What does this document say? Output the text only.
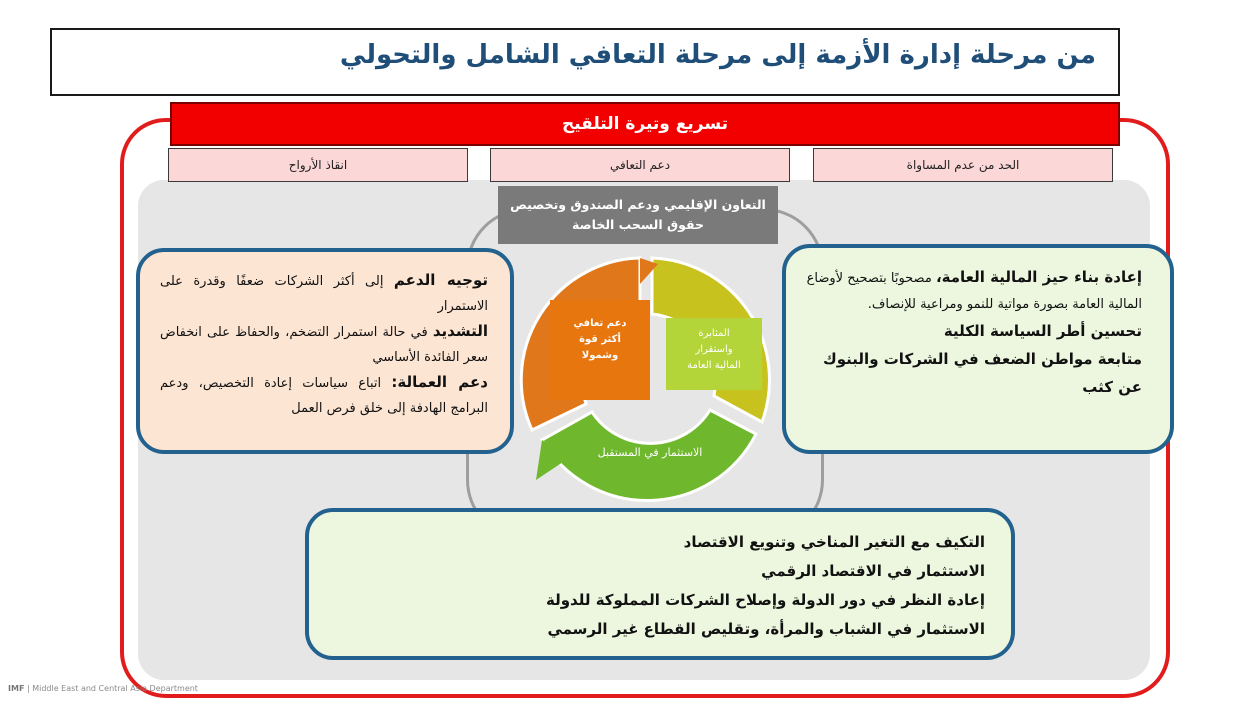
من مرحلة إدارة الأزمة إلى مرحلة التعافي الشامل والتحولي
تسريع وتيرة التلقيح
انقاذ الأرواح	دعم التعافي	الحد من عدم المساواة
التعاون الإقليمي ودعم الصندوق وتخصيص
حقوق السحب الخاصة
دعم تعافي
أكثر قوة
وشمولا
المثابرة
واستقرار
المالية العامة
الاستثمار في المستقبل
توجيه الدعم إلى أكثر الشركات ضعفًا وقدرة على الاستمرار
التشديد في حالة استمرار التضخم، والحفاظ على انخفاض سعر الفائدة الأساسي
دعم العمالة: اتباع سياسات إعادة التخصيص، ودعم البرامج الهادفة إلى خلق فرص العمل
إعادة بناء حيز المالية العامة، مصحوبًا بتصحيح لأوضاع المالية العامة بصورة مواتية للنمو ومراعية للإنصاف.
تحسين أطر السياسة الكلية
متابعة مواطن الضعف في الشركات والبنوك عن كثب
التكيف مع التغير المناخي وتنويع الاقتصاد
الاستثمار في الاقتصاد الرقمي
إعادة النظر في دور الدولة وإصلاح الشركات المملوكة للدولة
الاستثمار في الشباب والمرأة، وتقليص القطاع غير الرسمي
IMF | Middle East and Central Asia Department
